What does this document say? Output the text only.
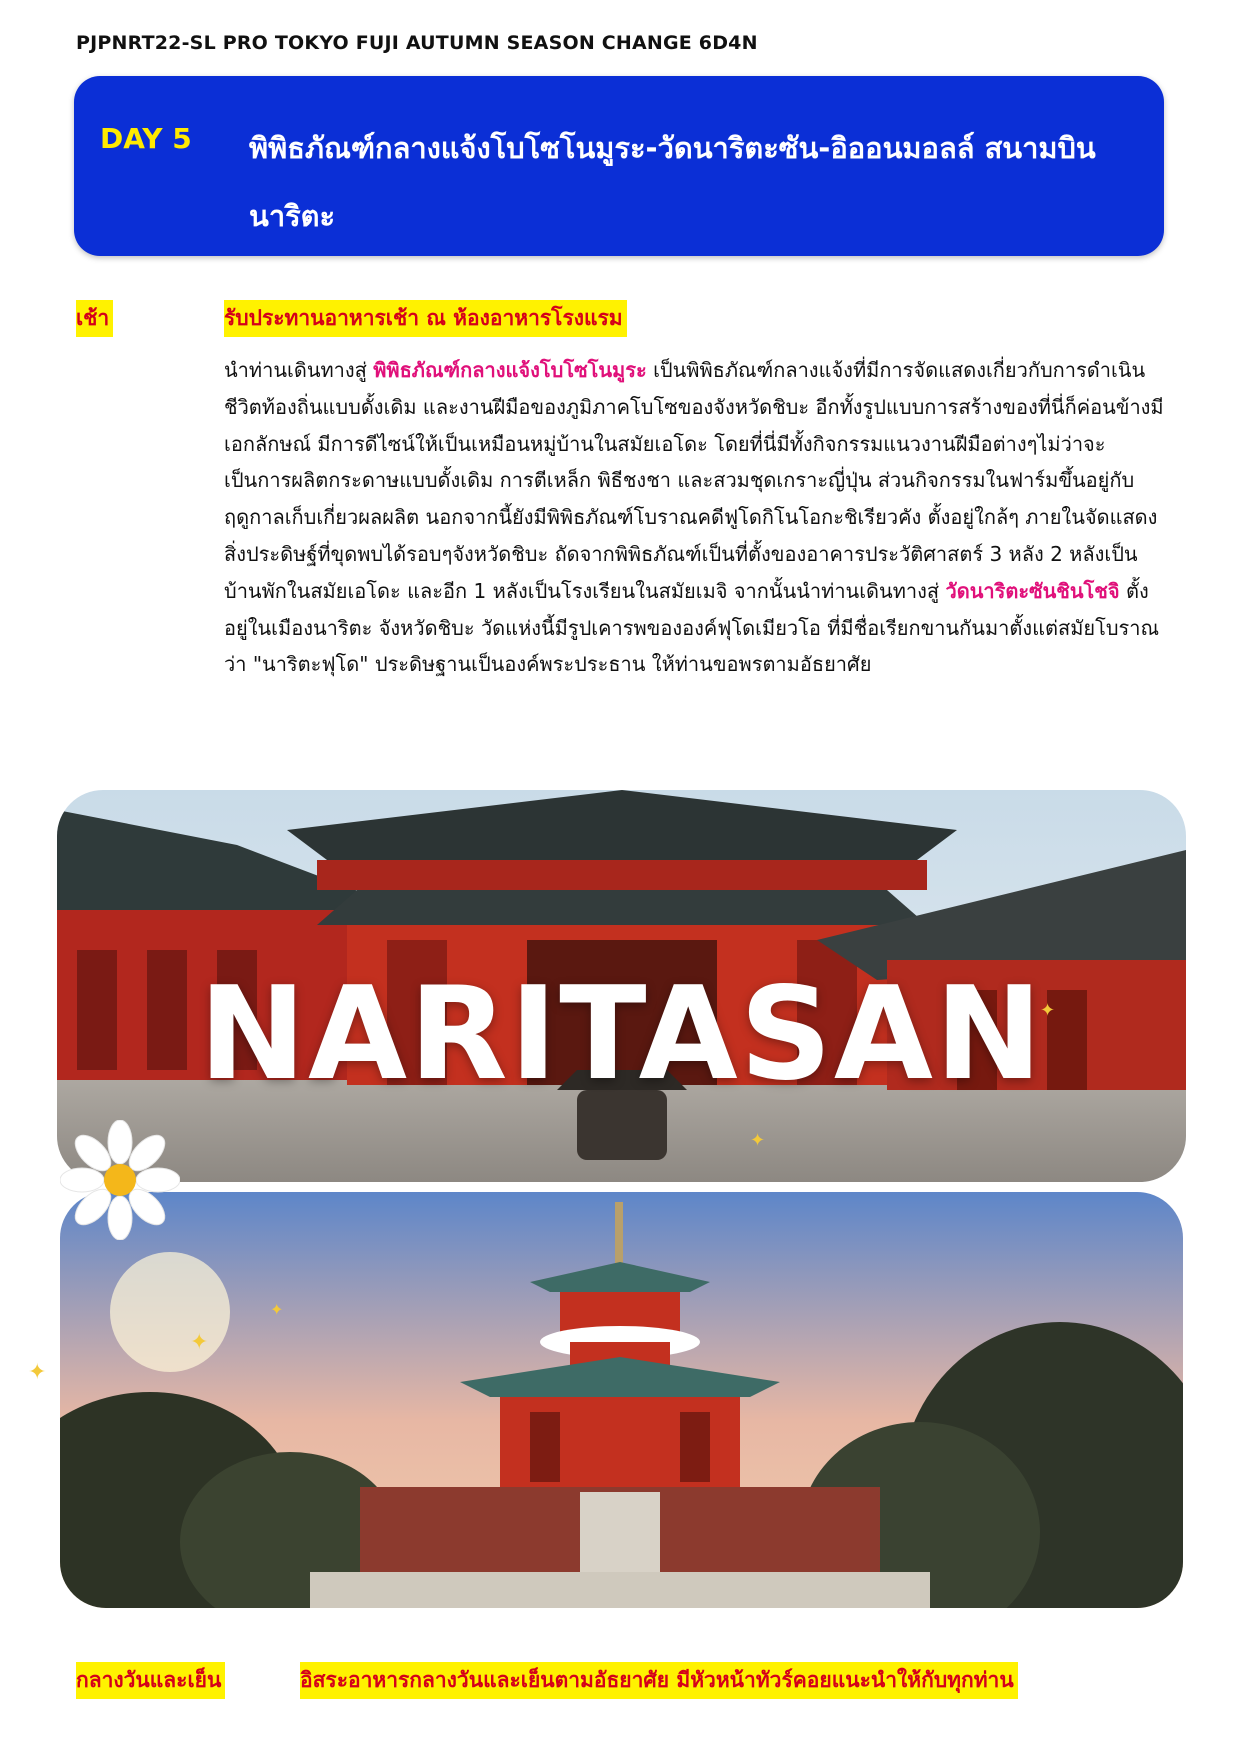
PJPNRT22-SL PRO TOKYO FUJI AUTUMN SEASON CHANGE 6D4N
DAY 5 พิพิธภัณฑ์กลางแจ้งโบโซโนมูระ-วัดนาริตะซัน-อิออนมอลล์ สนามบินนาริตะ
เช้า	รับประทานอาหารเช้า ณ ห้องอาหารโรงแรม
นำท่านเดินทางสู่ พิพิธภัณฑ์กลางแจ้งโบโซโนมูระ เป็นพิพิธภัณฑ์กลางแจ้งที่มีการจัดแสดงเกี่ยวกับการดำเนินชีวิตท้องถิ่นแบบดั้งเดิม และงานฝีมือของภูมิภาคโบโซของจังหวัดชิบะ อีกทั้งรูปแบบการสร้างของที่นี่ก็ค่อนข้างมีเอกลักษณ์ มีการดีไซน์ให้เป็นเหมือนหมู่บ้านในสมัยเอโดะ โดยที่นี่มีทั้งกิจกรรมแนวงานฝีมือต่างๆไม่ว่าจะเป็นการผลิตกระดาษแบบดั้งเดิม การตีเหล็ก พิธีชงชา และสวมชุดเกราะญี่ปุ่น ส่วนกิจกรรมในฟาร์มขึ้นอยู่กับฤดูกาลเก็บเกี่ยวผลผลิต นอกจากนี้ยังมีพิพิธภัณฑ์โบราณคดีฟูโดกิโนโอกะชิเรียวคัง ตั้งอยู่ใกล้ๆ ภายในจัดแสดงสิ่งประดิษฐ์ที่ขุดพบได้รอบๆจังหวัดชิบะ ถัดจากพิพิธภัณฑ์เป็นที่ตั้งของอาคารประวัติศาสตร์ 3 หลัง 2 หลังเป็นบ้านพักในสมัยเอโดะ และอีก 1 หลังเป็นโรงเรียนในสมัยเมจิ จากนั้นนำท่านเดินทางสู่ วัดนาริตะซันชินโชจิ ตั้งอยู่ในเมืองนาริตะ จังหวัดชิบะ วัดแห่งนี้มีรูปเคารพขององค์ฟุโดเมียวโอ ที่มีชื่อเรียกขานกันมาตั้งแต่สมัยโบราณว่า "นาริตะฟุโด" ประดิษฐานเป็นองค์พระประธาน ให้ท่านขอพรตามอัธยาศัย
NARITASAN
✦
✦
✦
✦
✦
กลางวันและเย็น	อิสระอาหารกลางวันและเย็นตามอัธยาศัย มีหัวหน้าทัวร์คอยแนะนำให้กับทุกท่าน
